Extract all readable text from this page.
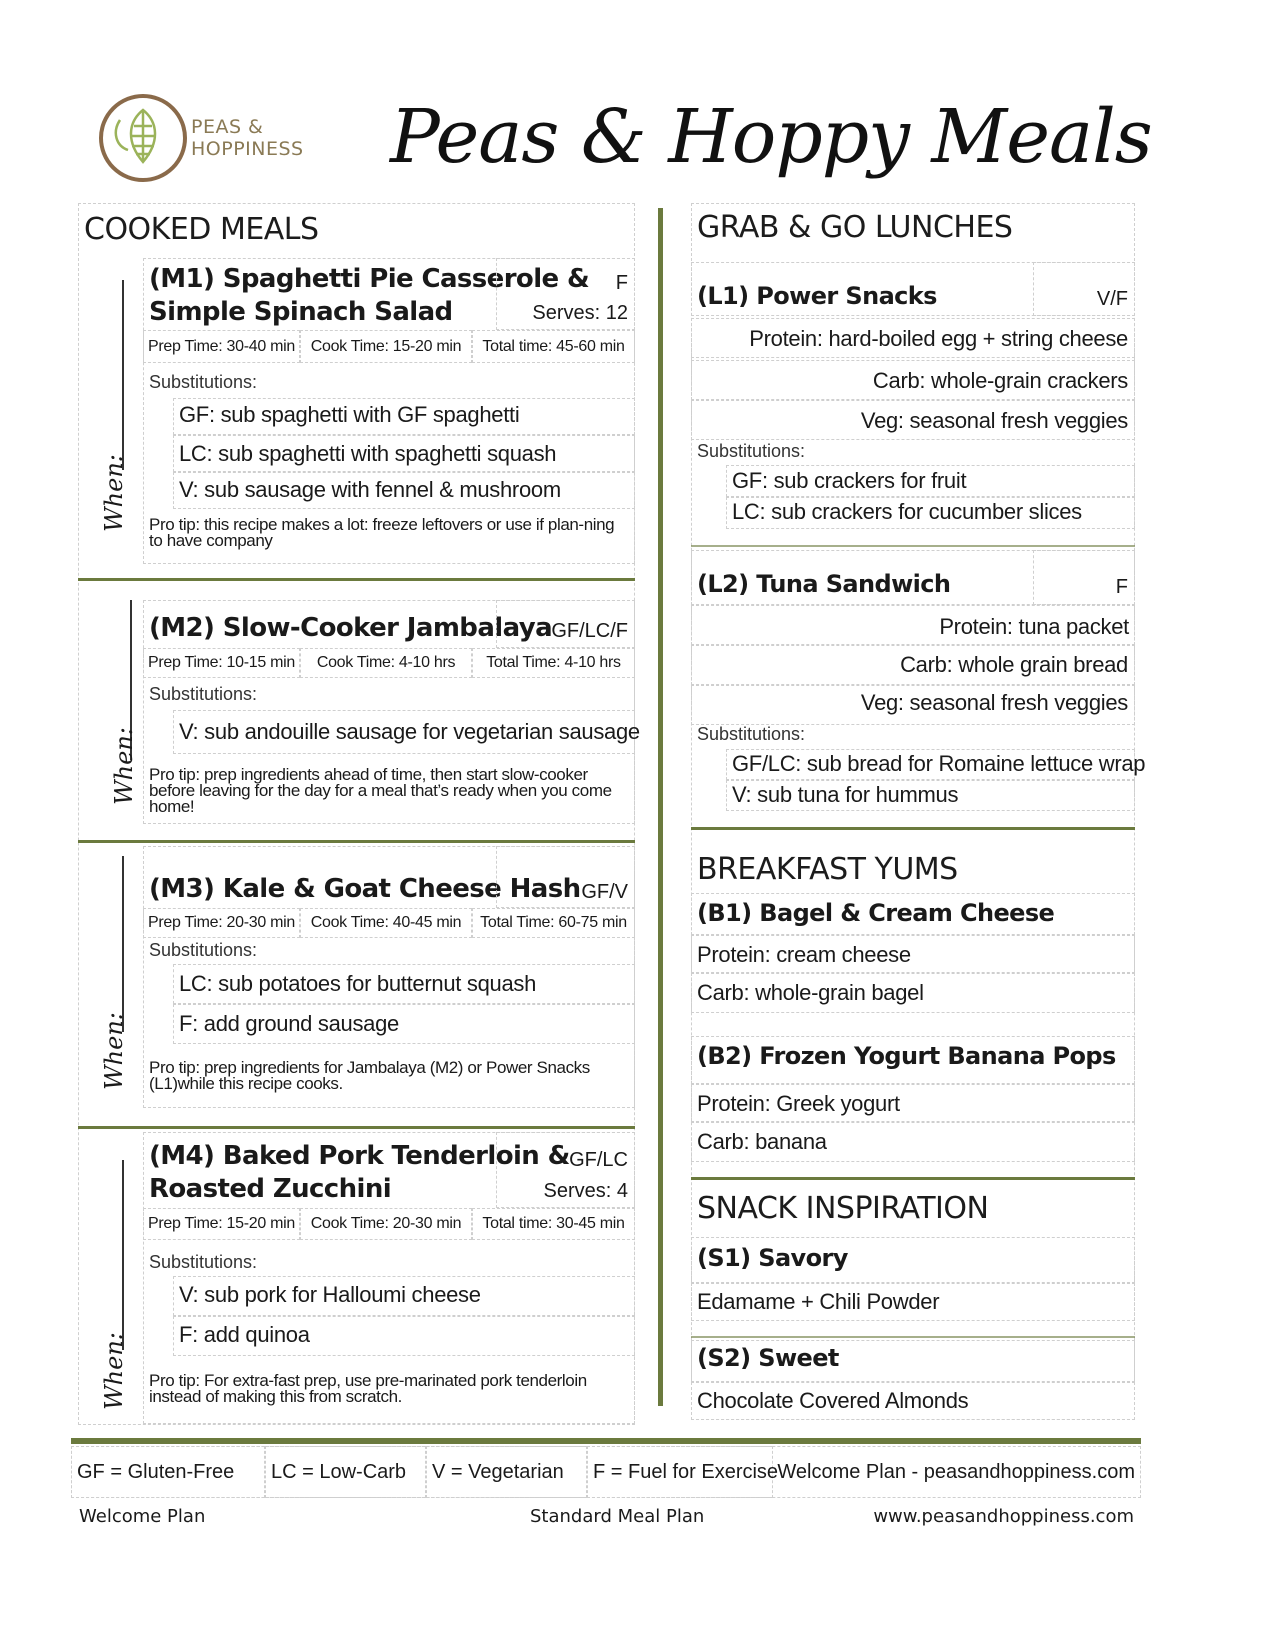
PEAS &
HOPPINESS Peas & Hoppy Meals
COOKED MEALS
When:
(M1) Spaghetti Pie Casserole &
Simple Spinach Salad
F
Serves: 12
Prep Time: 30-40 min Cook Time: 15-20 min	Total time: 45-60 min
Substitutions:
GF: sub spaghetti with GF spaghetti
LC: sub spaghetti with spaghetti squash
V: sub sausage with fennel & mushroom
Pro tip: this recipe makes a lot: freeze leftovers or use if plan-ning to have company
When:
(M2) Slow-Cooker Jambalaya GF/LC/F
Prep Time: 10-15 min	Cook Time: 4-10 hrs	Total Time: 4-10 hrs
Substitutions:
V: sub andouille sausage for vegetarian sausage
Pro tip: prep ingredients ahead of time, then start slow-cooker before leaving for the day for a meal that’s ready when you come home!
When:
(M3) Kale & Goat Cheese Hash GF/V
Prep Time: 20-30 min Cook Time: 40-45 min	Total Time: 60-75 min
Substitutions:
LC: sub potatoes for butternut squash
F: add ground sausage
Pro tip: prep ingredients for Jambalaya (M2) or Power Snacks (L1)while this recipe cooks.
When:
(M4) Baked Pork Tenderloin &
Roasted Zucchini
GF/LC
Serves: 4
Prep Time: 15-20 min Cook Time: 20-30 min	Total time: 30-45 min
Substitutions:
V: sub pork for Halloumi cheese
F: add quinoa
Pro tip: For extra-fast prep, use pre-marinated pork tenderloin instead of making this from scratch.
GRAB & GO LUNCHES
(L1) Power Snacks	V/F
Protein: hard-boiled egg + string cheese
Carb: whole-grain crackers
Veg: seasonal fresh veggies
Substitutions:
GF: sub crackers for fruit
LC: sub crackers for cucumber slices
(L2) Tuna Sandwich	F
Protein: tuna packet
Carb: whole grain bread
Veg: seasonal fresh veggies
Substitutions:
GF/LC: sub bread for Romaine lettuce wrap
V: sub tuna for hummus
BREAKFAST YUMS
(B1) Bagel & Cream Cheese
Protein: cream cheese
Carb: whole-grain bagel
(B2) Frozen Yogurt Banana Pops
Protein: Greek yogurt
Carb: banana
SNACK INSPIRATION
(S1) Savory
Edamame + Chili Powder
(S2) Sweet
Chocolate Covered Almonds
GF = Gluten-Free LC = Low-Carb V = Vegetarian F = Fuel for Exercise Welcome Plan - peasandhoppiness.com
Welcome Plan	Standard Meal Plan	www.peasandhoppiness.com
